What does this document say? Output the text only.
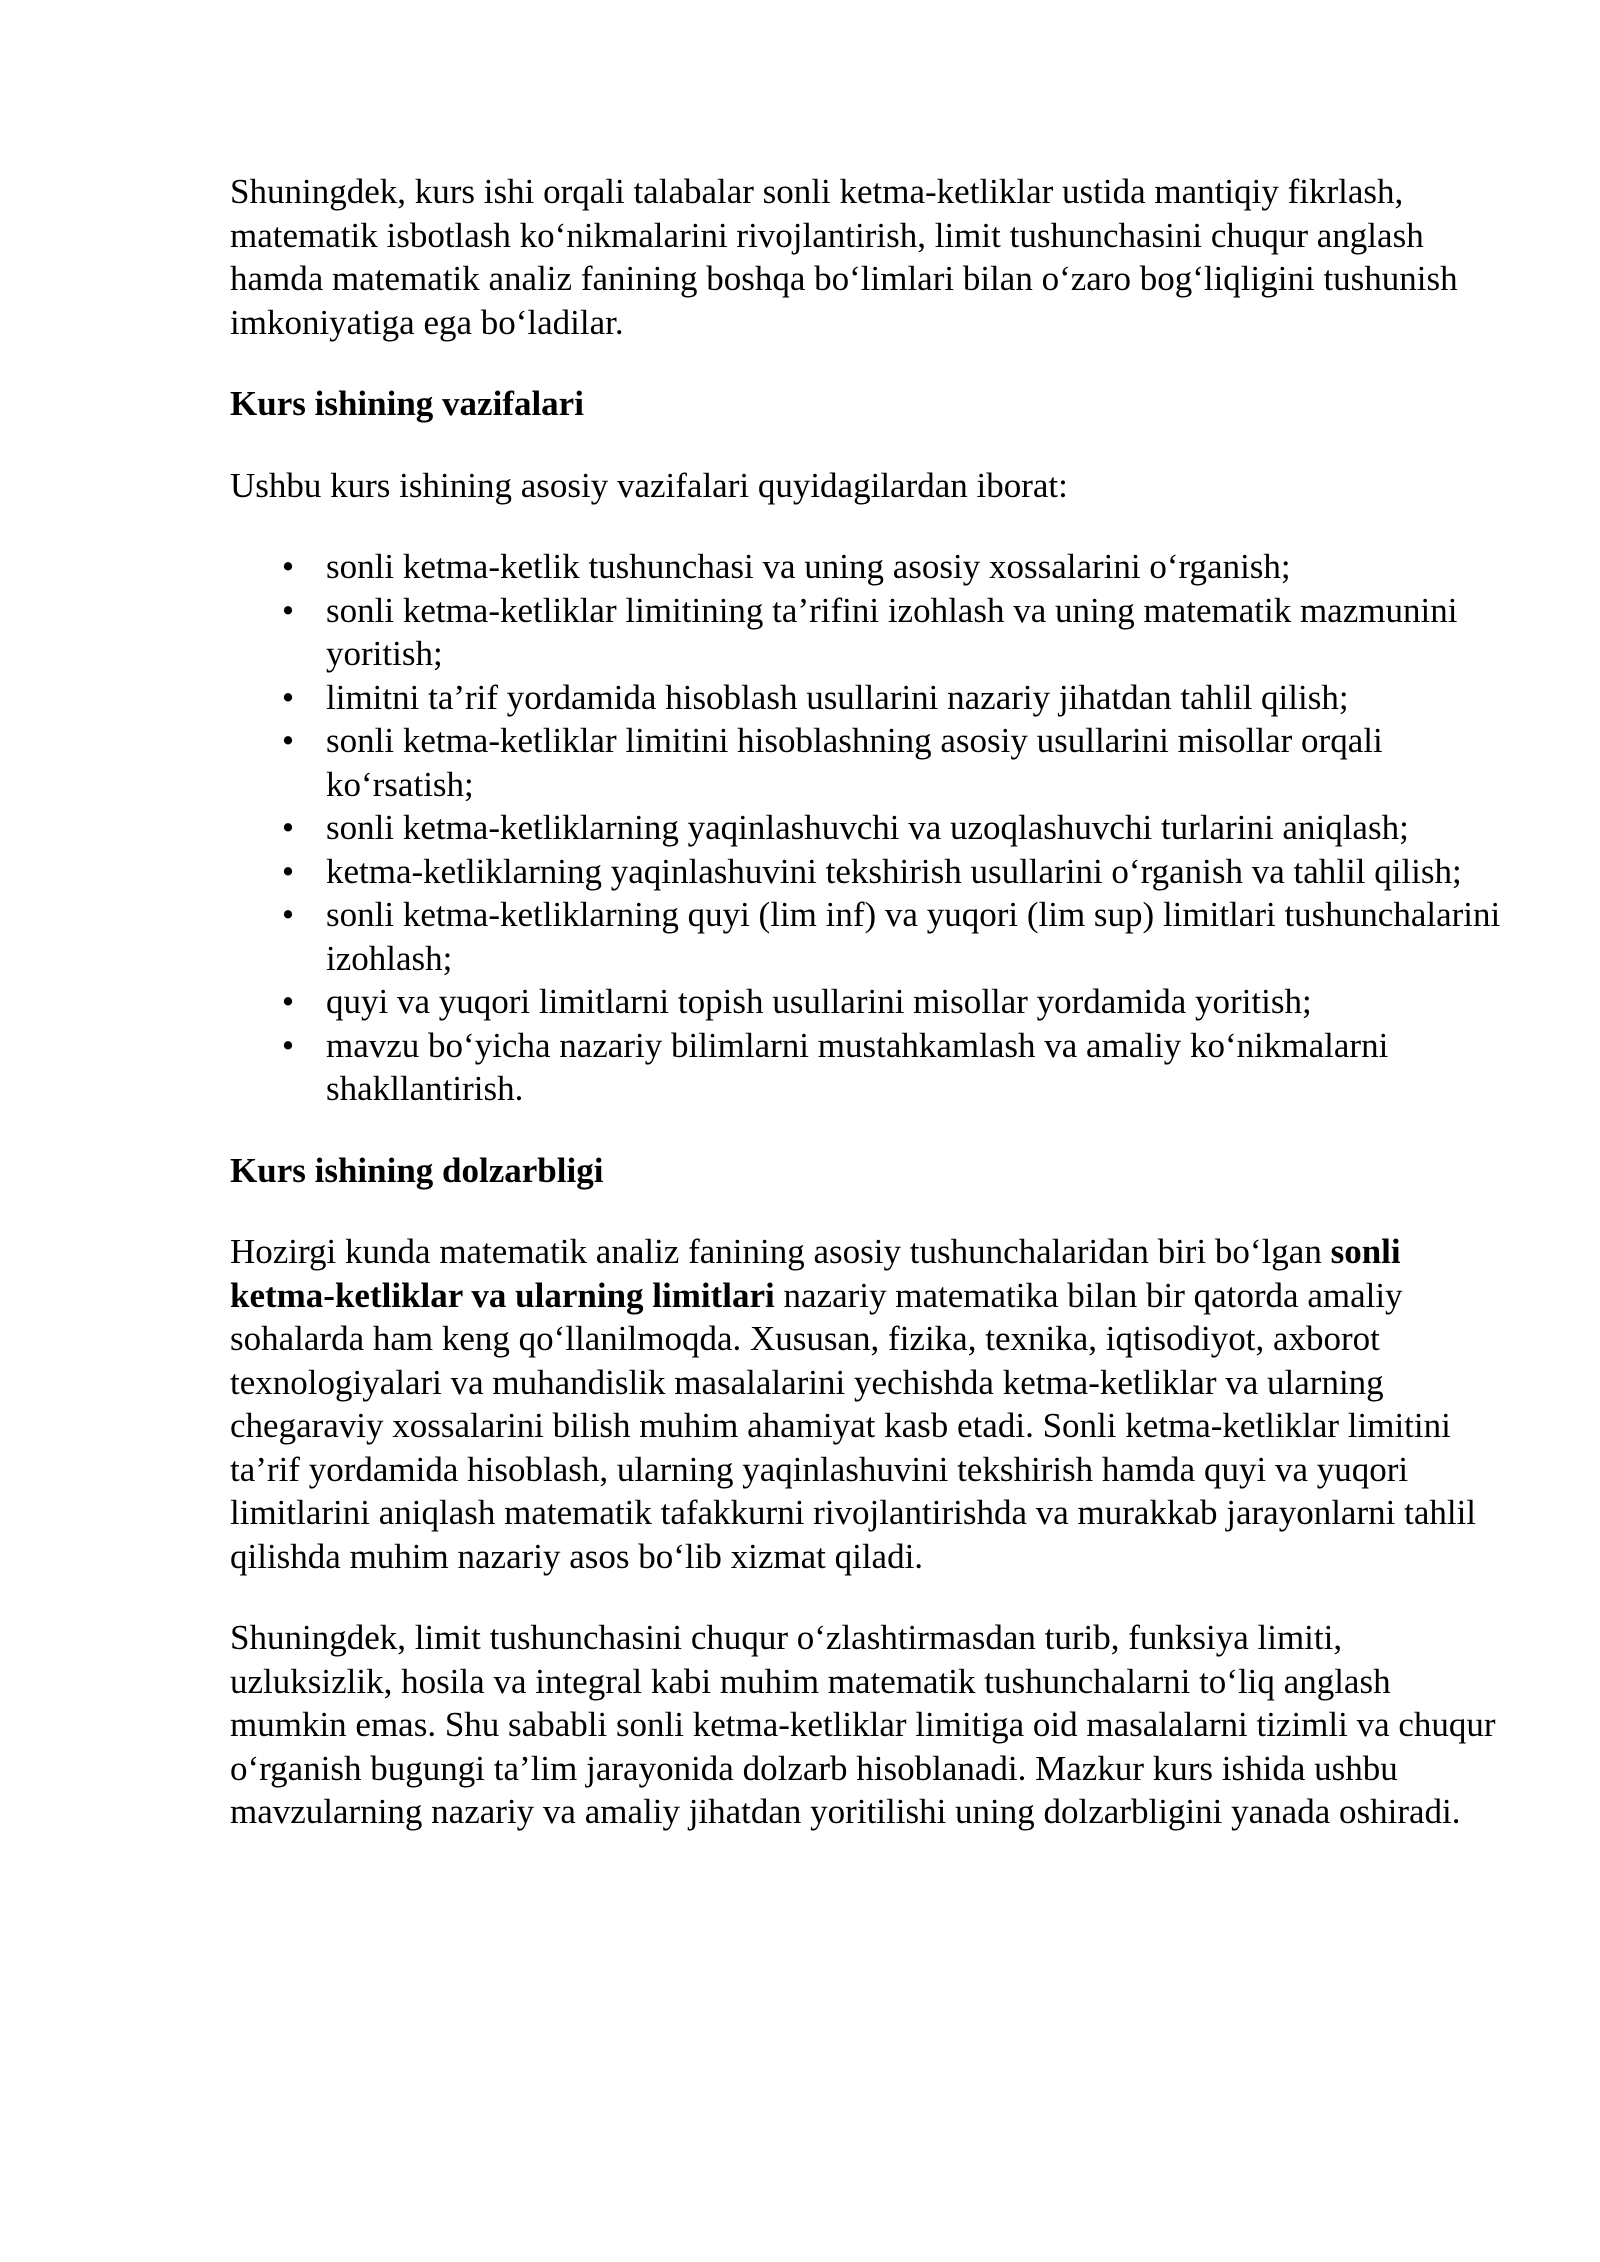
Shuningdek, kurs ishi orqali talabalar sonli ketma-ketliklar ustida mantiqiy fikrlash, matematik isbotlash ko‘nikmalarini rivojlantirish, limit tushunchasini chuqur anglash hamda matematik analiz fanining boshqa bo‘limlari bilan o‘zaro bog‘liqligini tushunish imkoniyatiga ega bo‘ladilar.

Kurs ishining vazifalari

Ushbu kurs ishining asosiy vazifalari quyidagilardan iborat:

• sonli ketma-ketlik tushunchasi va uning asosiy xossalarini o‘rganish;
• sonli ketma-ketliklar limitining ta’rifini izohlash va uning matematik mazmunini yoritish;
• limitni ta’rif yordamida hisoblash usullarini nazariy jihatdan tahlil qilish;
• sonli ketma-ketliklar limitini hisoblashning asosiy usullarini misollar orqali ko‘rsatish;
• sonli ketma-ketliklarning yaqinlashuvchi va uzoqlashuvchi turlarini aniqlash;
• ketma-ketliklarning yaqinlashuvini tekshirish usullarini o‘rganish va tahlil qilish;
• sonli ketma-ketliklarning quyi (lim inf) va yuqori (lim sup) limitlari tushunchalarini izohlash;
• quyi va yuqori limitlarni topish usullarini misollar yordamida yoritish;
• mavzu bo‘yicha nazariy bilimlarni mustahkamlash va amaliy ko‘nikmalarni shakllantirish.
Kurs ishining dolzarbligi

Hozirgi kunda matematik analiz fanining asosiy tushunchalaridan biri bo‘lgan sonli ketma-ketliklar va ularning limitlari nazariy matematika bilan bir qatorda amaliy sohalarda ham keng qo‘llanilmoqda. Xususan, fizika, texnika, iqtisodiyot, axborot texnologiyalari va muhandislik masalalarini yechishda ketma-ketliklar va ularning chegaraviy xossalarini bilish muhim ahamiyat kasb etadi. Sonli ketma-ketliklar limitini ta’rif yordamida hisoblash, ularning yaqinlashuvini tekshirish hamda quyi va yuqori limitlarini aniqlash matematik tafakkurni rivojlantirishda va murakkab jarayonlarni tahlil qilishda muhim nazariy asos bo‘lib xizmat qiladi.

Shuningdek, limit tushunchasini chuqur o‘zlashtirmasdan turib, funksiya limiti, uzluksizlik, hosila va integral kabi muhim matematik tushunchalarni to‘liq anglash mumkin emas. Shu sababli sonli ketma-ketliklar limitiga oid masalalarni tizimli va chuqur o‘rganish bugungi ta’lim jarayonida dolzarb hisoblanadi. Mazkur kurs ishida ushbu mavzularning nazariy va amaliy jihatdan yoritilishi uning dolzarbligini yanada oshiradi.
